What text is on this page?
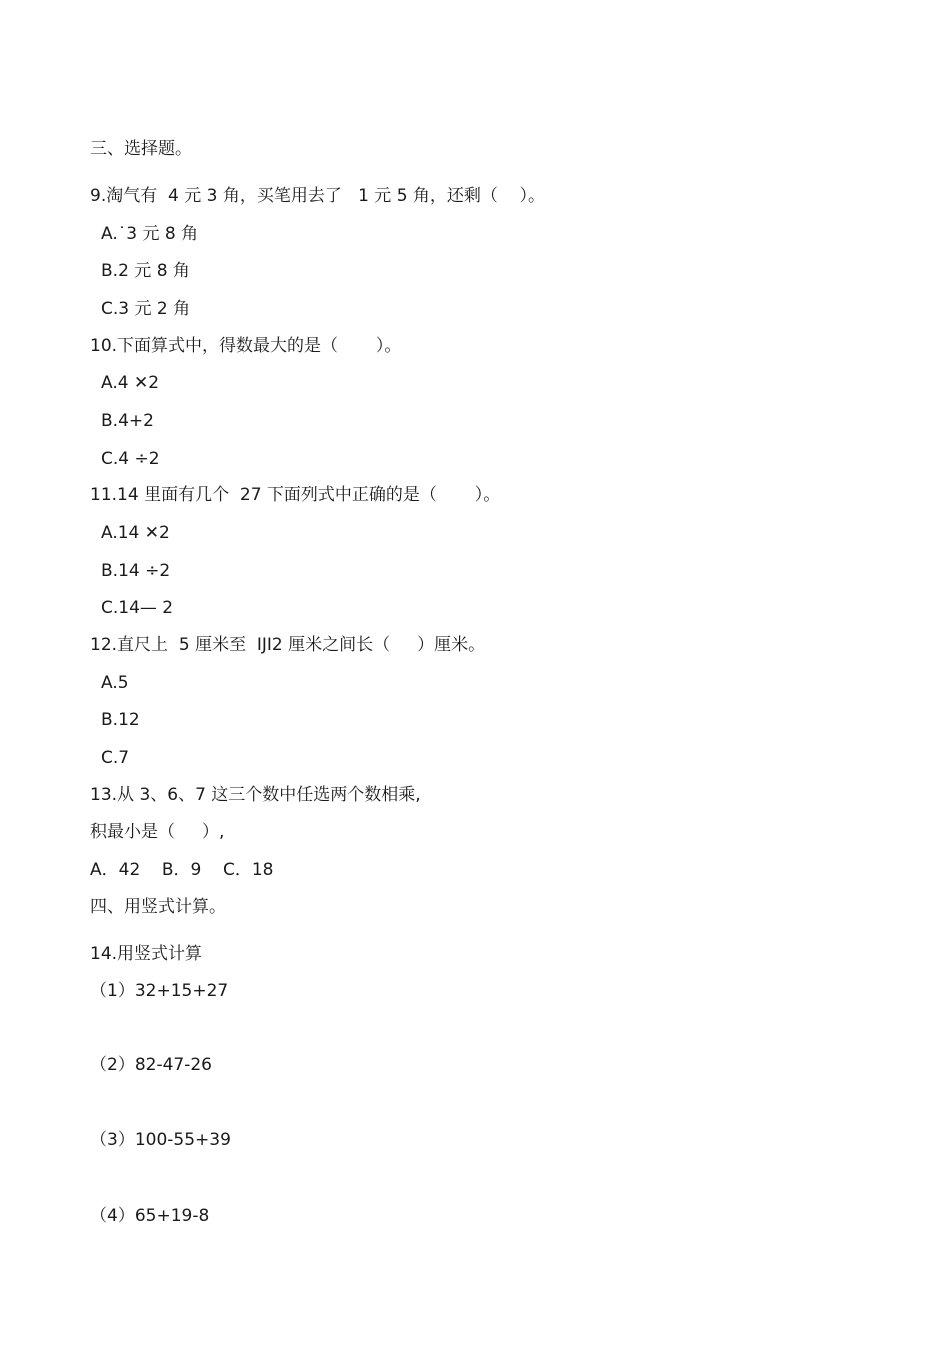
三、选择题。
9.淘气有  4 元 3 角，买笔用去了   1 元 5 角，还剩（    ）。
A.˙3 元 8 角
B.2 元 8 角
C.3 元 2 角
10.下面算式中，得数最大的是（       ）。
A.4 ✕2
B.4+2
C.4 ÷2
11.14 里面有几个  27 下面列式中正确的是（       ）。
A.14 ✕2
B.14 ÷2
C.14— 2
12.直尺上  5 厘米至  IJI2 厘米之间长（     ）厘米。
A.5
B.12
C.7
13.从 3、6、7 这三个数中任选两个数相乘,
积最小是（     ）,
A．42    B．9    C．18
四、用竖式计算。
14.用竖式计算
（1）32+15+27
（2）82-47-26
（3）100-55+39
（4）65+19-8
